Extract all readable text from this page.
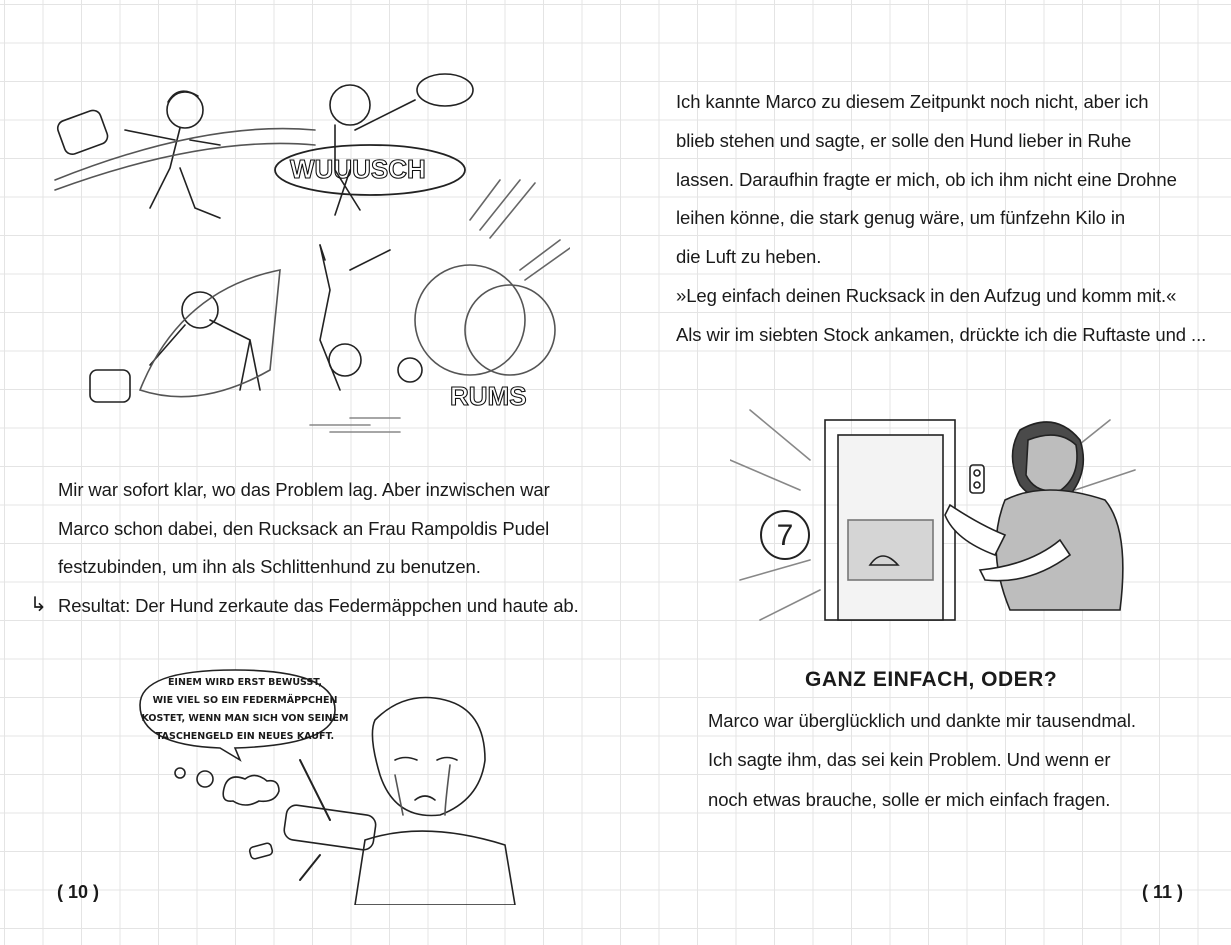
WUUUSCH
RUMS
Mir war sofort klar, wo das Problem lag. Aber inzwischen war
Marco schon dabei, den Rucksack an Frau Rampoldis Pudel
festzubinden, um ihn als Schlittenhund zu benutzen.
↳ Resultat: Der Hund zerkaute das Federmäppchen und haute ab.
EINEM WIRD ERST BEWUSST,
WIE VIEL SO EIN FEDERMÄPPCHEN
KOSTET, WENN MAN SICH VON SEINEM
TASCHENGELD EIN NEUES KAUFT.
( 10 )
Ich kannte Marco zu diesem Zeitpunkt noch nicht, aber ich
blieb stehen und sagte, er solle den Hund lieber in Ruhe
lassen. Daraufhin fragte er mich, ob ich ihm nicht eine Drohne
leihen könne, die stark genug wäre, um fünfzehn Kilo in
die Luft zu heben.
»Leg einfach deinen Rucksack in den Aufzug und komm mit.«
Als wir im siebten Stock ankamen, drückte ich die Ruftaste und ...
7
GANZ EINFACH, ODER?
Marco war überglücklich und dankte mir tausendmal.
Ich sagte ihm, das sei kein Problem. Und wenn er
noch etwas brauche, solle er mich einfach fragen.
( 11 )
